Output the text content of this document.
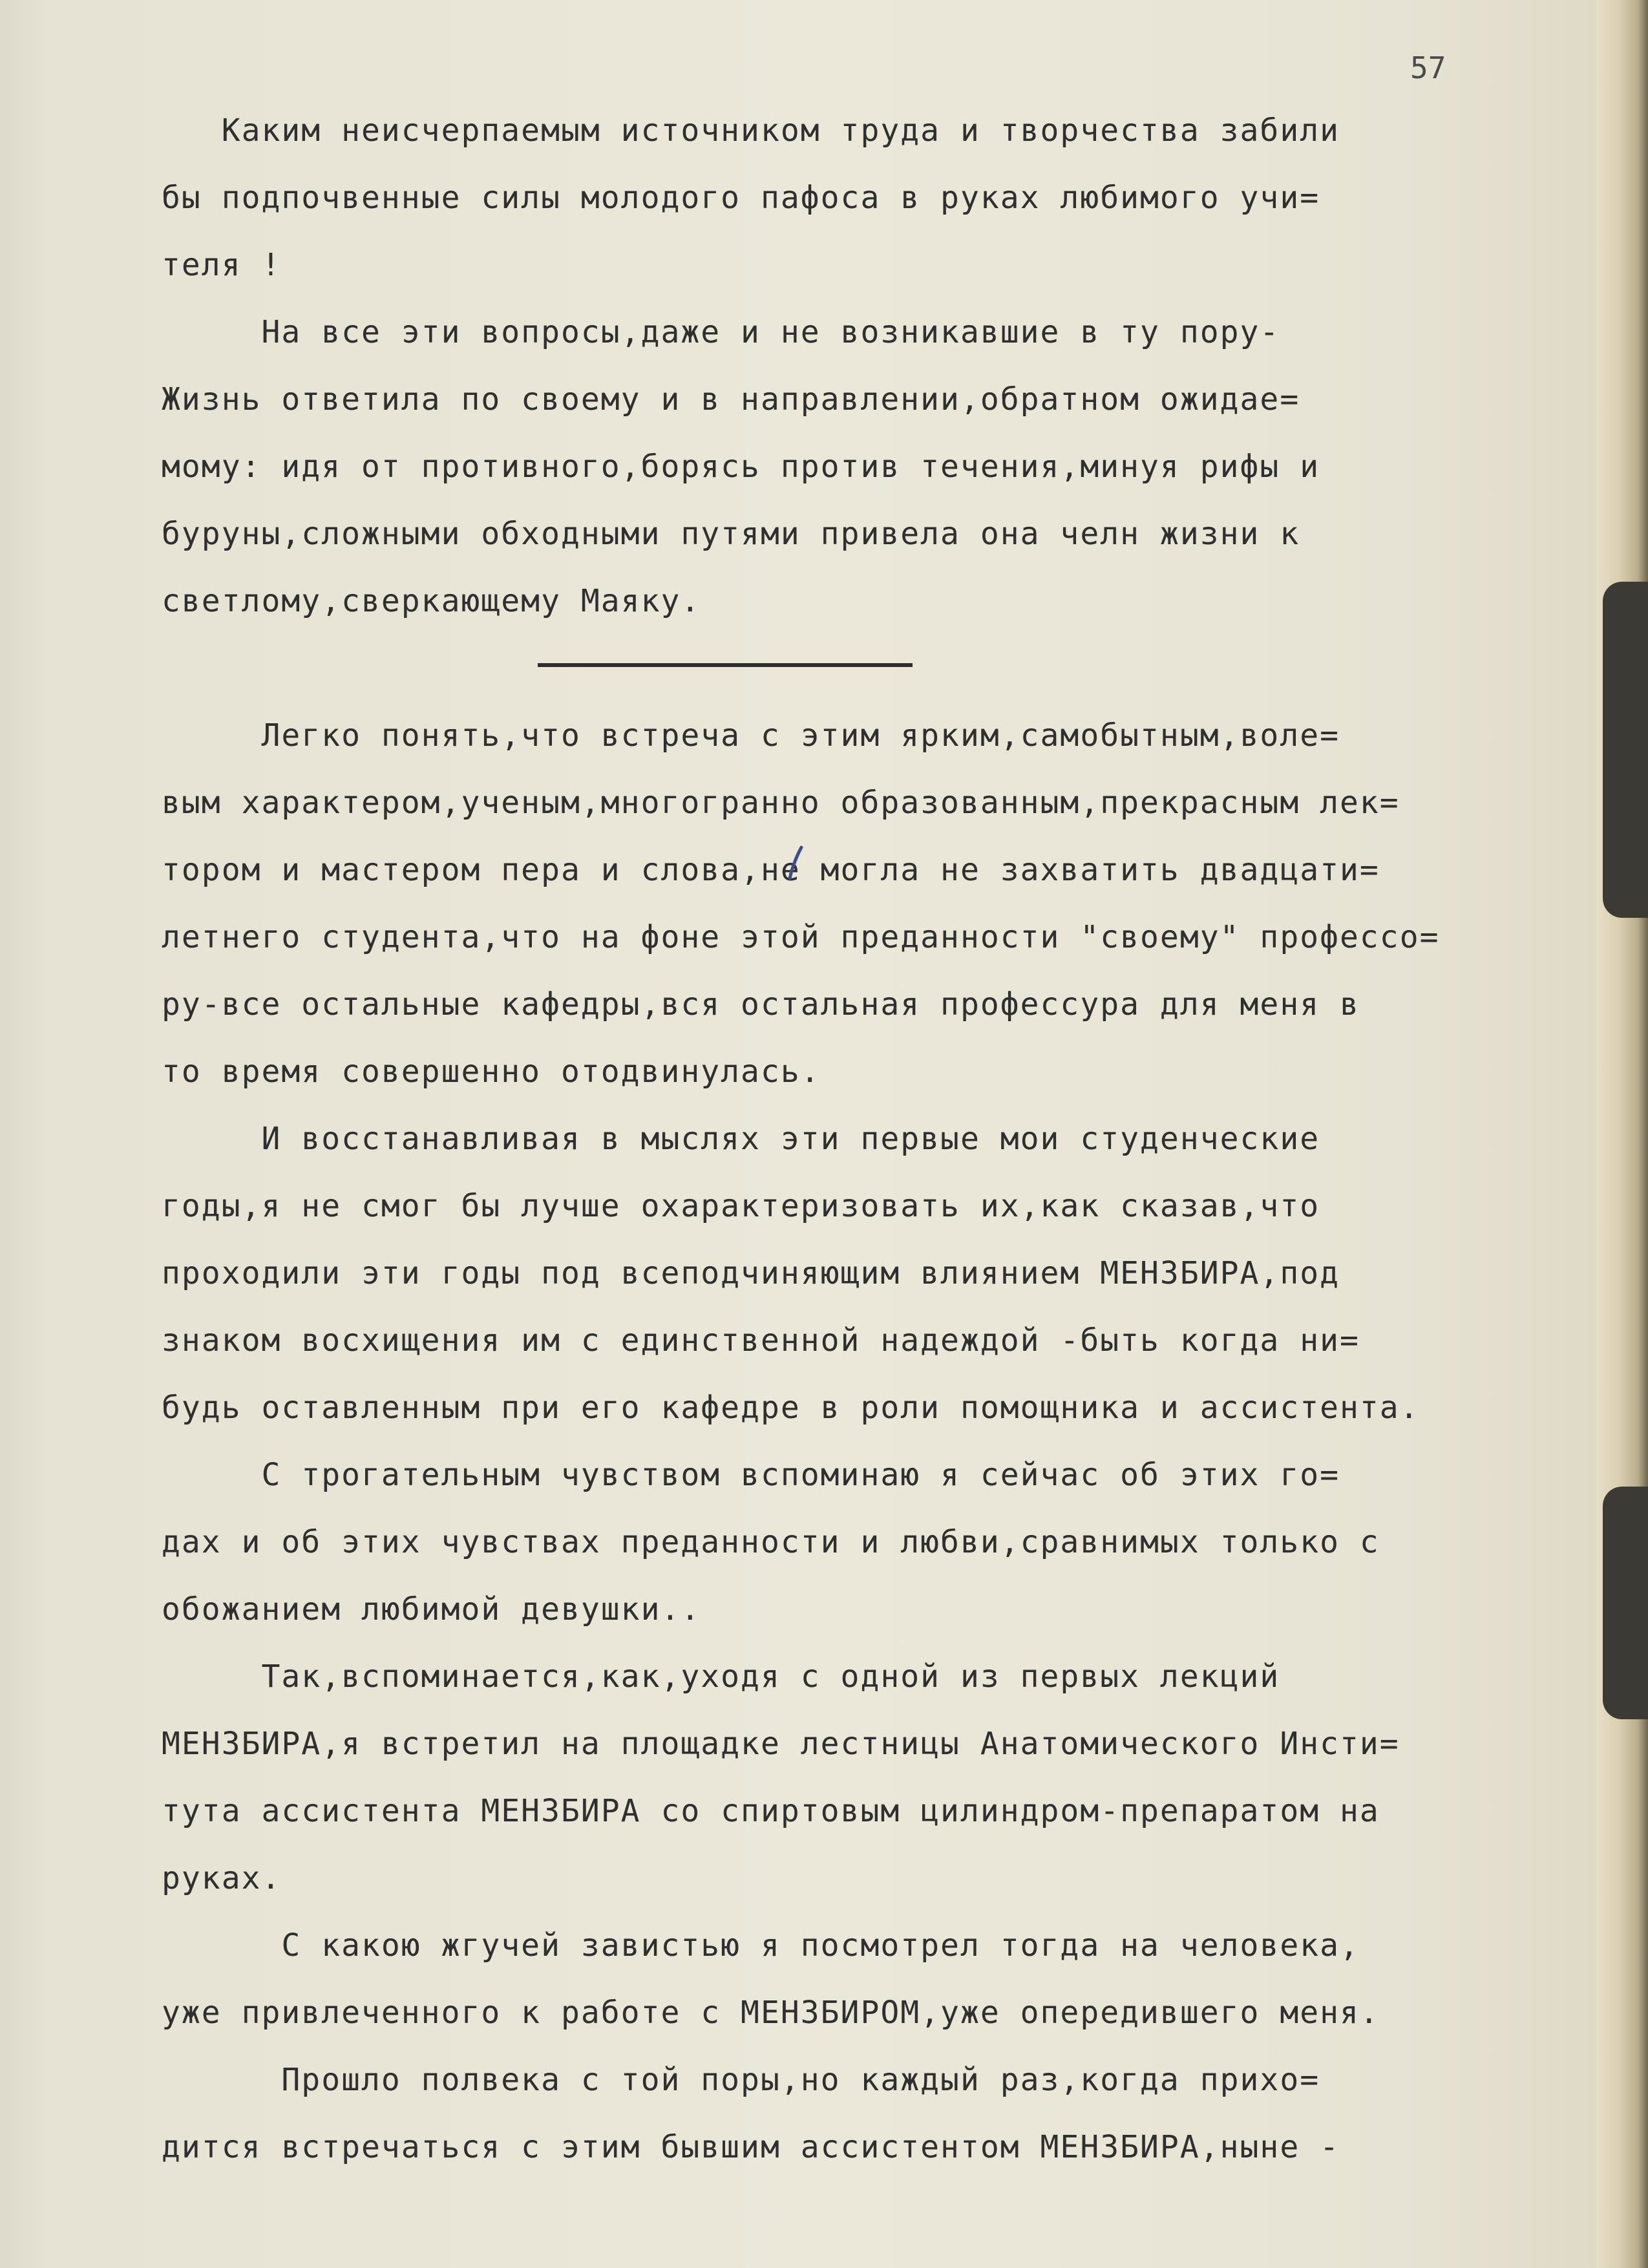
57
Каким неисчерпаемым источником труда и творчества забили
бы подпочвенные силы молодого пафоса в руках любимого учи=
теля !
На все эти вопросы,даже и не возникавшие в ту пору-
Жизнь ответила по своему и в направлении,обратном ожидае=
мому: идя от противного,борясь против течения,минуя рифы и
буруны,сложными обходными путями привела она челн жизни к
светлому,сверкающему Маяку.
Легко понять,что встреча с этим ярким,самобытным,воле=
вым характером,ученым,многогранно образованным,прекрасным лек=
тором и мастером пера и слова,не могла не захватить двадцати=
летнего студента,что на фоне этой преданности "своему" профессо=
ру-все остальные кафедры,вся остальная профессура для меня в
то время совершенно отодвинулась.
И восстанавливая в мыслях эти первые мои студенческие
годы,я не смог бы лучше охарактеризовать их,как сказав,что
проходили эти годы под всеподчиняющим влиянием МЕНЗБИРА,под
знаком восхищения им с единственной надеждой -быть когда ни=
будь оставленным при его кафедре в роли помощника и ассистента.
С трогательным чувством вспоминаю я сейчас об этих го=
дах и об этих чувствах преданности и любви,сравнимых только с
обожанием любимой девушки..
Так,вспоминается,как,уходя с одной из первых лекций
МЕНЗБИРА,я встретил на площадке лестницы Анатомического Инсти=
тута ассистента МЕНЗБИРА со спиртовым цилиндром-препаратом на
руках.
С какою жгучей завистью я посмотрел тогда на человека,
уже привлеченного к работе с МЕНЗБИРОМ,уже опередившего меня.
Прошло полвека с той поры,но каждый раз,когда прихо=
дится встречаться с этим бывшим ассистентом МЕНЗБИРА,ныне -
